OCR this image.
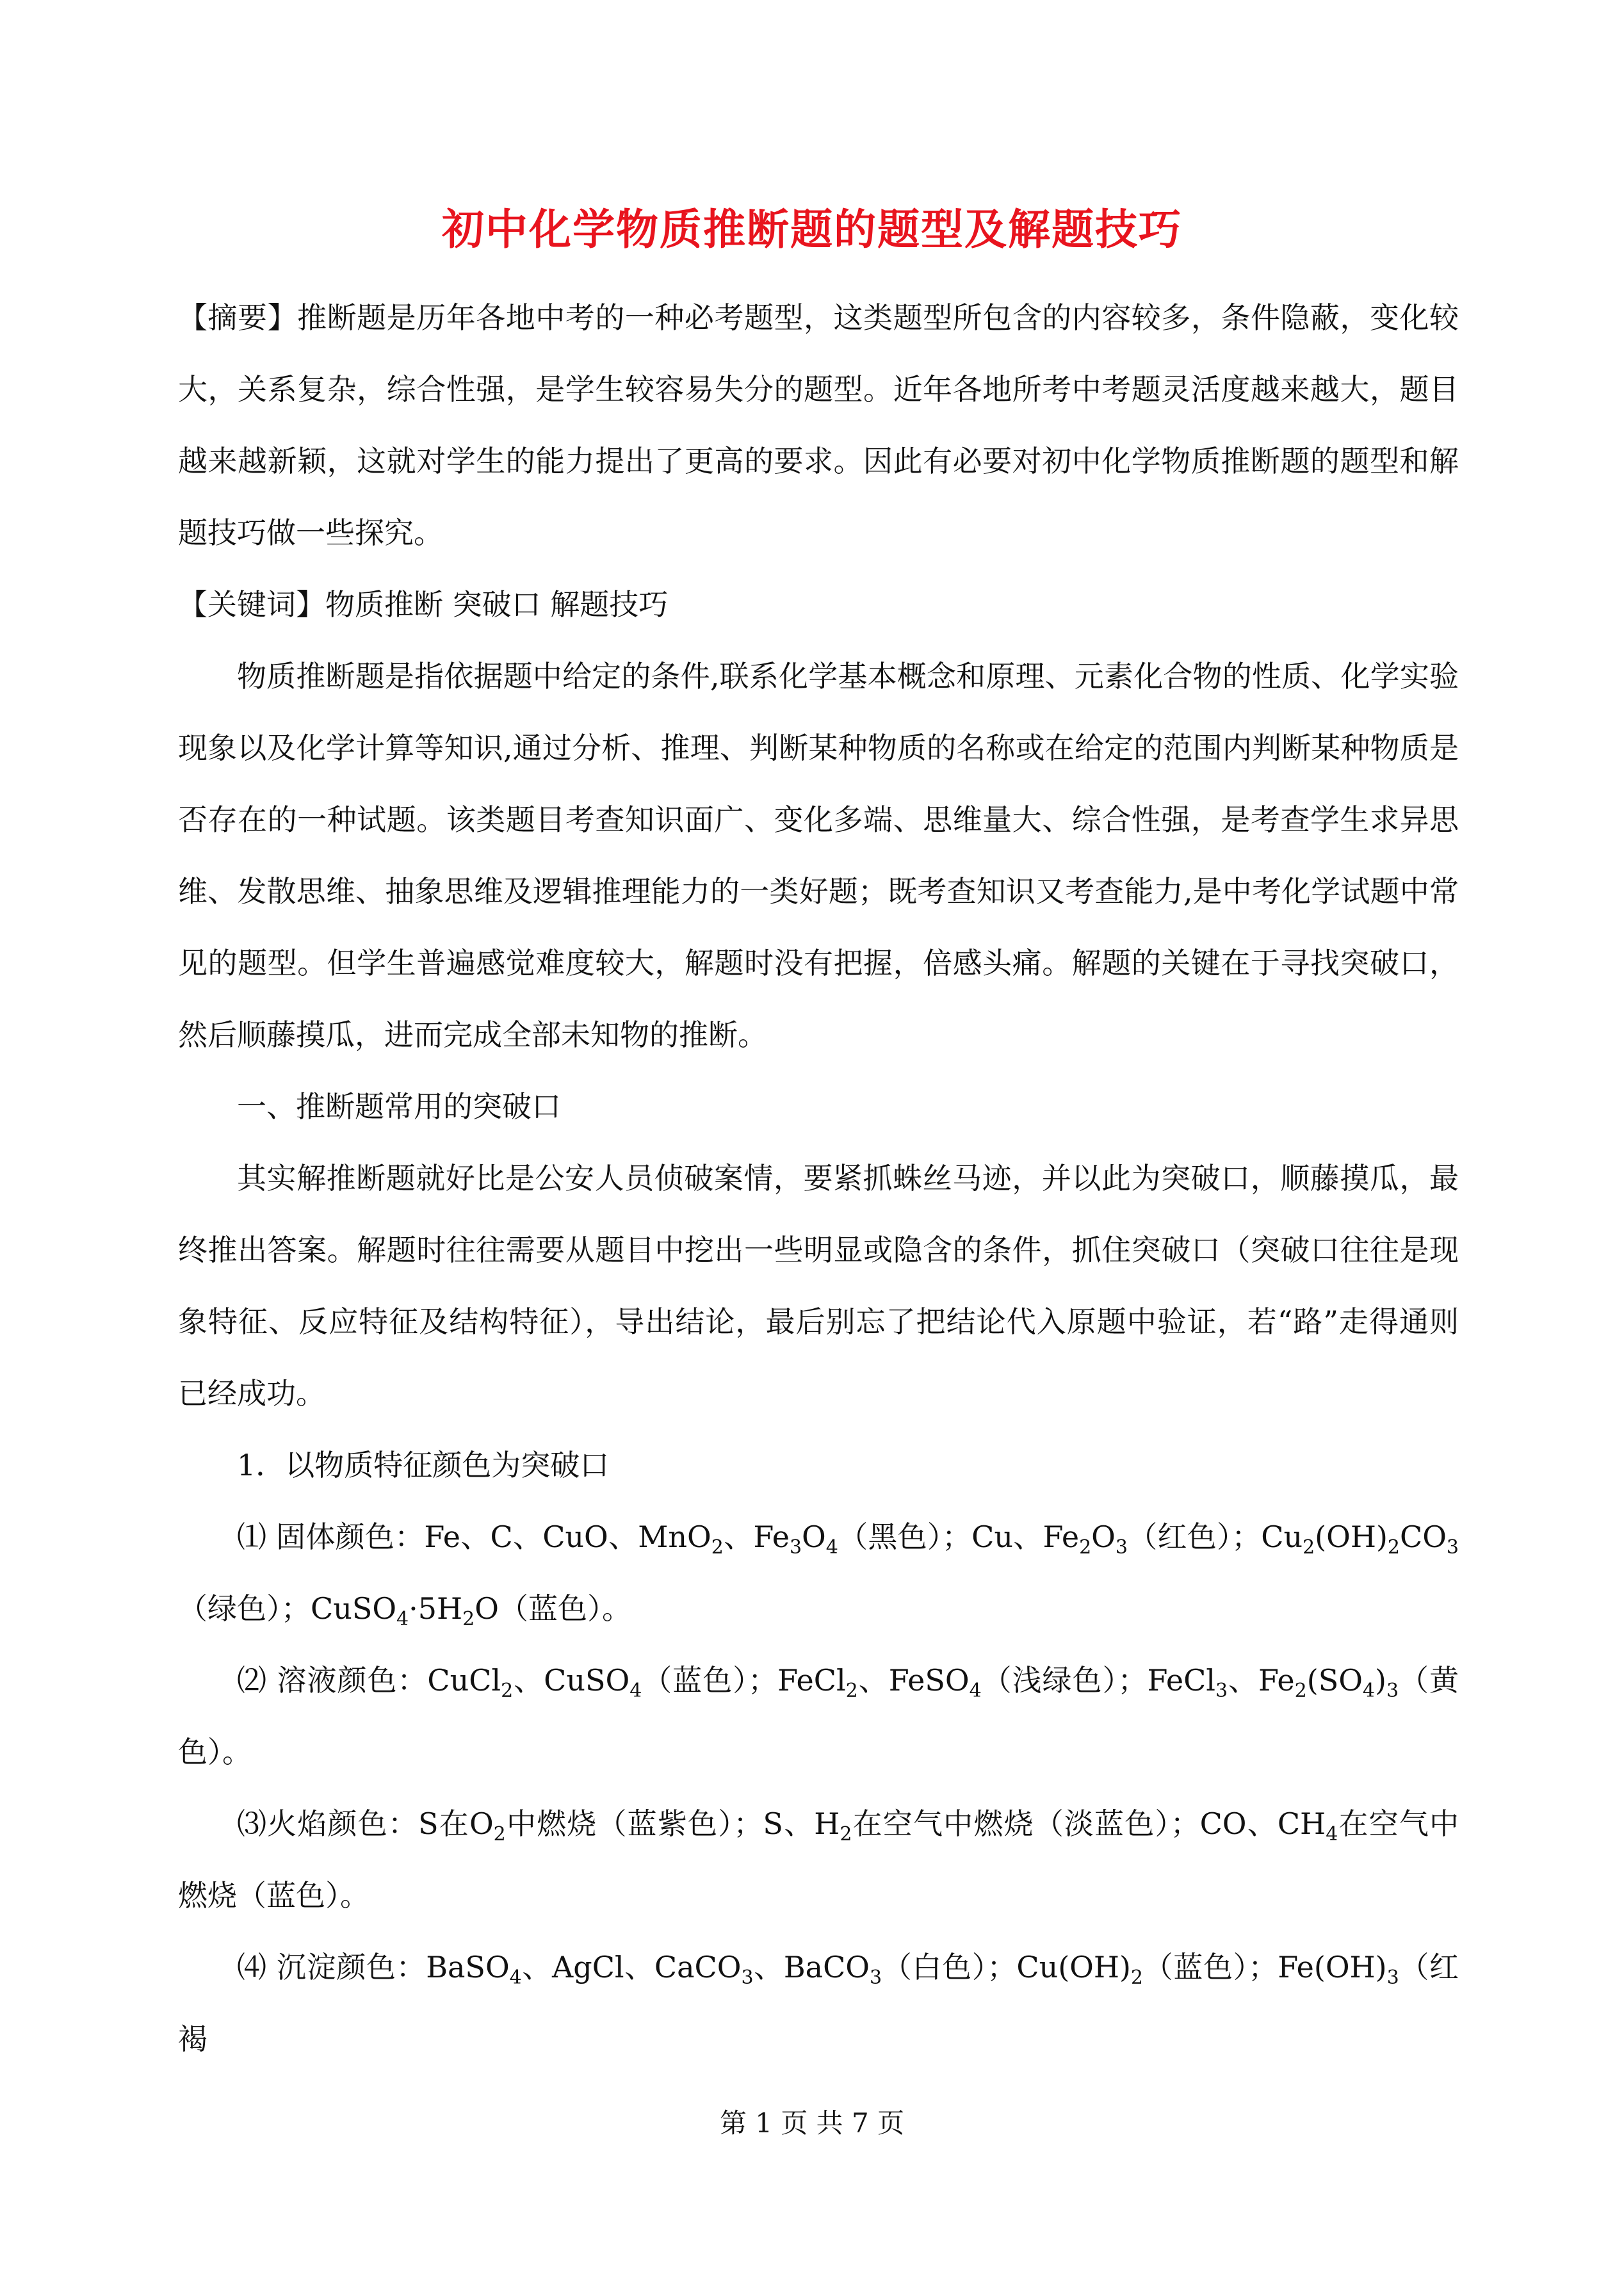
初中化学物质推断题的题型及解题技巧

【摘要】推断题是历年各地中考的一种必考题型，这类题型所包含的内容较多，条件隐蔽，变化较大，关系复杂，综合性强，是学生较容易失分的题型。近年各地所考中考题灵活度越来越大，题目越来越新颖，这就对学生的能力提出了更高的要求。因此有必要对初中化学物质推断题的题型和解题技巧做一些探究。

【关键词】物质推断 突破口 解题技巧

物质推断题是指依据题中给定的条件,联系化学基本概念和原理、元素化合物的性质、化学实验现象以及化学计算等知识,通过分析、推理、判断某种物质的名称或在给定的范围内判断某种物质是否存在的一种试题。该类题目考查知识面广、变化多端、思维量大、综合性强，是考查学生求异思维、发散思维、抽象思维及逻辑推理能力的一类好题；既考查知识又考查能力,是中考化学试题中常见的题型。但学生普遍感觉难度较大，解题时没有把握，倍感头痛。解题的关键在于寻找突破口，然后顺藤摸瓜，进而完成全部未知物的推断。

一、推断题常用的突破口

其实解推断题就好比是公安人员侦破案情，要紧抓蛛丝马迹，并以此为突破口，顺藤摸瓜，最终推出答案。解题时往往需要从题目中挖出一些明显或隐含的条件，抓住突破口（突破口往往是现象特征、反应特征及结构特征），导出结论，最后别忘了把结论代入原题中验证，若“路”走得通则已经成功。

1．以物质特征颜色为突破口

⑴ 固体颜色：Fe、C、CuO、MnO$_2$、$Fe_3O_4$（黑色）；Cu、$Fe_2O_3$（红色）；$Cu_2(OH)_2CO_3$（绿色）；$CuSO_4\cdot 5H_2O$（蓝色）。

⑵ 溶液颜色：CuCl$_2$、CuSO$_4$（蓝色）；FeCl$_2$、FeSO$_4$（浅绿色）；FeCl$_3$、$Fe_2(SO_4)_3$（黄色）。

⑶火焰颜色：S在$O_2$中燃烧（蓝紫色）；S、$H_2$在空气中燃烧（淡蓝色）；CO、$CH_4$在空气中燃烧（蓝色）。

⑷ 沉淀颜色：BaSO$_4$、AgCl、CaCO$_3$、BaCO$_3$（白色）；$Cu(OH)_2$（蓝色）；$Fe(OH)_3$（红褐

第 1 页 共 7 页
